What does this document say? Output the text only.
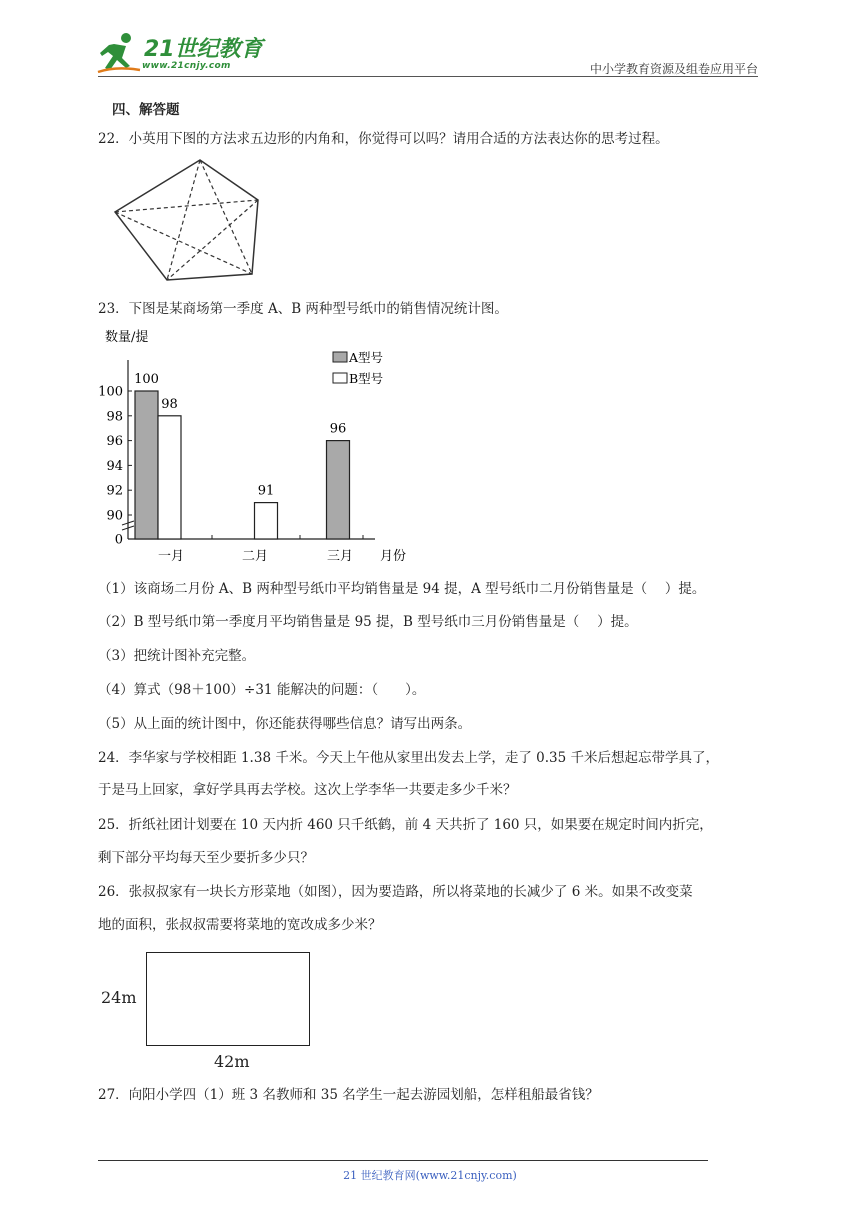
21世纪教育
www.21cnjy.com	中小学教育资源及组卷应用平台
四、解答题
22．小英用下图的方法求五边形的内角和，你觉得可以吗？请用合适的方法表达你的思考过程。
23．下图是某商场第一季度 A、B 两种型号纸巾的销售情况统计图。
数量/提
月份
0
90
92
94
96
98
100
100
98
91
96
一月	二月	三月
A型号
B型号
（1）该商场二月份 A、B 两种型号纸巾平均销售量是 94 提，A 型号纸巾二月份销售量是（　 ）提。
（2）B 型号纸巾第一季度月平均销售量是 95 提，B 型号纸巾三月份销售量是（　 ）提。
（3）把统计图补充完整。
（4）算式（98＋100）÷31 能解决的问题：（　　）。
（5）从上面的统计图中，你还能获得哪些信息？请写出两条。
24．李华家与学校相距 1.38 千米。今天上午他从家里出发去上学，走了 0.35 千米后想起忘带学具了，
于是马上回家，拿好学具再去学校。这次上学李华一共要走多少千米？
25．折纸社团计划要在 10 天内折 460 只千纸鹤，前 4 天共折了 160 只，如果要在规定时间内折完，
剩下部分平均每天至少要折多少只？
26．张叔叔家有一块长方形菜地（如图），因为要造路，所以将菜地的长减少了 6 米。如果不改变菜
地的面积，张叔叔需要将菜地的宽改成多少米？
24m
42m
27．向阳小学四（1）班 3 名教师和 35 名学生一起去游园划船，怎样租船最省钱？
21 世纪教育网(www.21cnjy.com)
